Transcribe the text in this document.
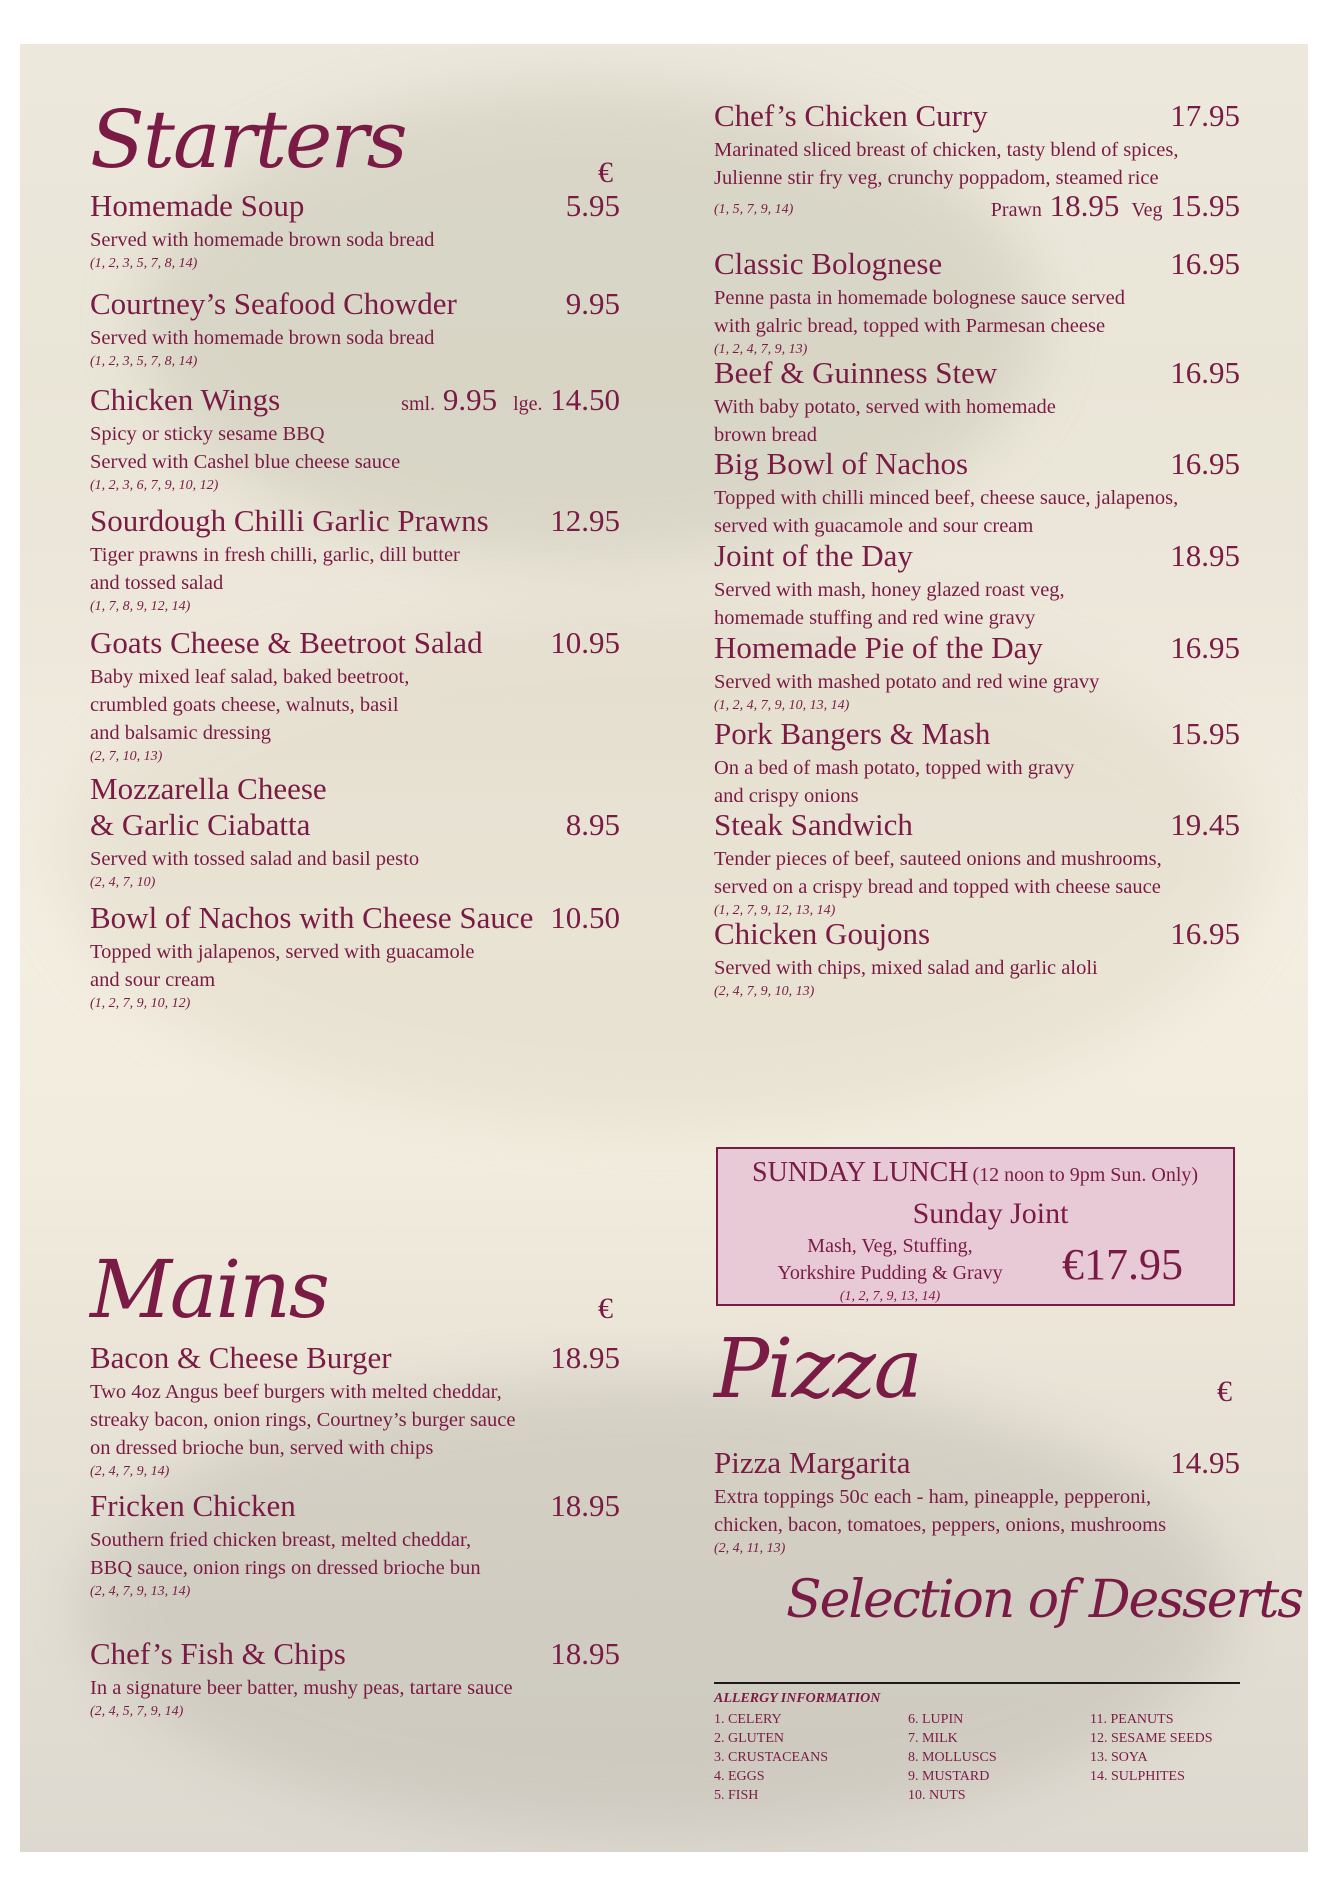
Starters	€
Homemade Soup	5.95
Served with homemade brown soda bread
(1, 2, 3, 5, 7, 8, 14)
Courtney’s Seafood Chowder	9.95
Served with homemade brown soda bread
(1, 2, 3, 5, 7, 8, 14)
Chicken Wings	sml. 9.95 lge. 14.50
Spicy or sticky sesame BBQ
Served with Cashel blue cheese sauce
(1, 2, 3, 6, 7, 9, 10, 12)
Sourdough Chilli Garlic Prawns	12.95
Tiger prawns in fresh chilli, garlic, dill butter
and tossed salad
(1, 7, 8, 9, 12, 14)
Goats Cheese & Beetroot Salad	10.95
Baby mixed leaf salad, baked beetroot,
crumbled goats cheese, walnuts, basil
and balsamic dressing
(2, 7, 10, 13)
Mozzarella Cheese
& Garlic Ciabatta	8.95
Served with tossed salad and basil pesto
(2, 4, 7, 10)
Bowl of Nachos with Cheese Sauce 10.50
Topped with jalapenos, served with guacamole
and sour cream
(1, 2, 7, 9, 10, 12)
Mains	€
Bacon & Cheese Burger	18.95
Two 4oz Angus beef burgers with melted cheddar,
streaky bacon, onion rings, Courtney’s burger sauce
on dressed brioche bun, served with chips
(2, 4, 7, 9, 14)
Fricken Chicken	18.95
Southern fried chicken breast, melted cheddar,
BBQ sauce, onion rings on dressed brioche bun
(2, 4, 7, 9, 13, 14)
Chef’s Fish & Chips	18.95
In a signature beer batter, mushy peas, tartare sauce
(2, 4, 5, 7, 9, 14)
Chef’s Chicken Curry	17.95
Marinated sliced breast of chicken, tasty blend of spices,
Julienne stir fry veg, crunchy poppadom, steamed rice
(1, 5, 7, 9, 14)	Prawn 18.95 Veg 15.95
Classic Bolognese	16.95
Penne pasta in homemade bolognese sauce served
with galric bread, topped with Parmesan cheese
(1, 2, 4, 7, 9, 13)
Beef & Guinness Stew	16.95
With baby potato, served with homemade
brown bread
Big Bowl of Nachos	16.95
Topped with chilli minced beef, cheese sauce, jalapenos,
served with guacamole and sour cream
Joint of the Day	18.95
Served with mash, honey glazed roast veg,
homemade stuffing and red wine gravy
Homemade Pie of the Day	16.95
Served with mashed potato and red wine gravy
(1, 2, 4, 7, 9, 10, 13, 14)
Pork Bangers & Mash	15.95
On a bed of mash potato, topped with gravy
and crispy onions
Steak Sandwich	19.45
Tender pieces of beef, sauteed onions and mushrooms,
served on a crispy bread and topped with cheese sauce
(1, 2, 7, 9, 12, 13, 14)
Chicken Goujons	16.95
Served with chips, mixed salad and garlic aloli
(2, 4, 7, 9, 10, 13)
SUNDAY LUNCH (12 noon to 9pm Sun. Only)
Sunday Joint
Mash, Veg, Stuffing,
Yorkshire Pudding & Gravy
(1, 2, 7, 9, 13, 14)
€17.95
Pizza	€
Pizza Margarita	14.95
Extra toppings 50c each - ham, pineapple, pepperoni,
chicken, bacon, tomatoes, peppers, onions, mushrooms
(2, 4, 11, 13)
Selection of Desserts
ALLERGY INFORMATION
1. CELERY
2. GLUTEN
3. CRUSTACEANS
4. EGGS
5. FISH
6. LUPIN
7. MILK
8. MOLLUSCS
9. MUSTARD
10. NUTS
11. PEANUTS
12. SESAME SEEDS
13. SOYA
14. SULPHITES
